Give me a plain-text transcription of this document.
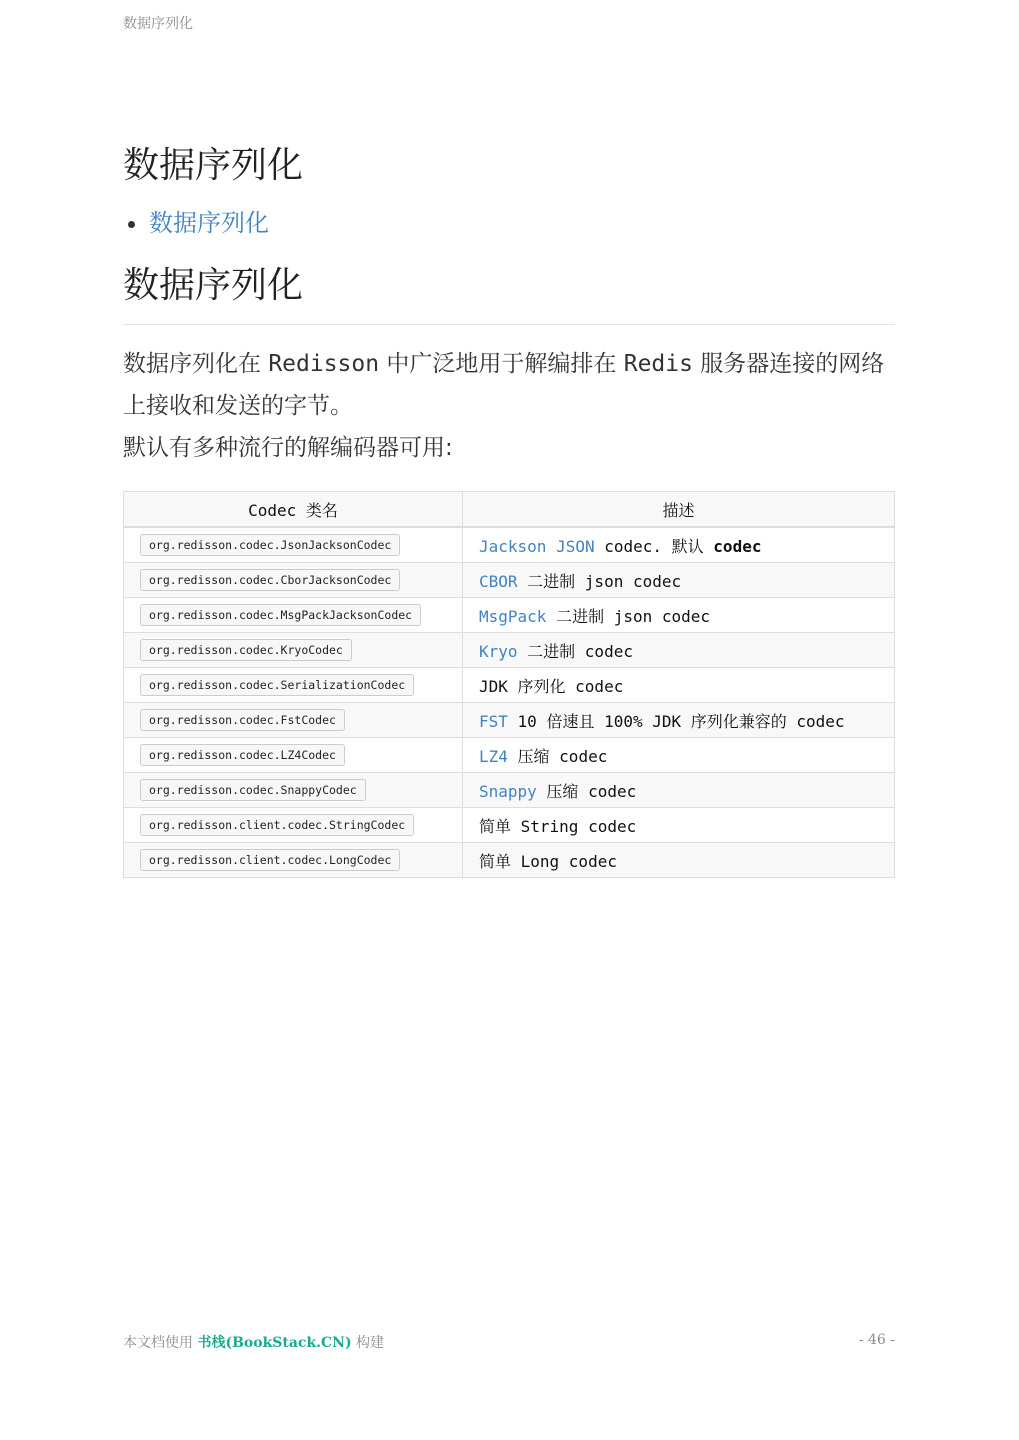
数据序列化
数据序列化
• 数据序列化
数据序列化

数据序列化在 Redisson 中广泛地用于解编排在 Redis 服务器连接的网络上接收和发送的字节。
默认有多种流行的解编码器可用:

Codec 类名	描述
org.redisson.codec.JsonJacksonCodec	Jackson JSON codec. 默认 codec
org.redisson.codec.CborJacksonCodec	CBOR 二进制 json codec
org.redisson.codec.MsgPackJacksonCodec	MsgPack 二进制 json codec
org.redisson.codec.KryoCodec	Kryo 二进制 codec
org.redisson.codec.SerializationCodec	JDK 序列化 codec
org.redisson.codec.FstCodec	FST 10 倍速且 100% JDK 序列化兼容的 codec
org.redisson.codec.LZ4Codec	LZ4 压缩 codec
org.redisson.codec.SnappyCodec	Snappy 压缩 codec
org.redisson.client.codec.StringCodec	简单 String codec
org.redisson.client.codec.LongCodec	简单 Long codec
本文档使用 书栈(BookStack.CN) 构建	- 46 -
